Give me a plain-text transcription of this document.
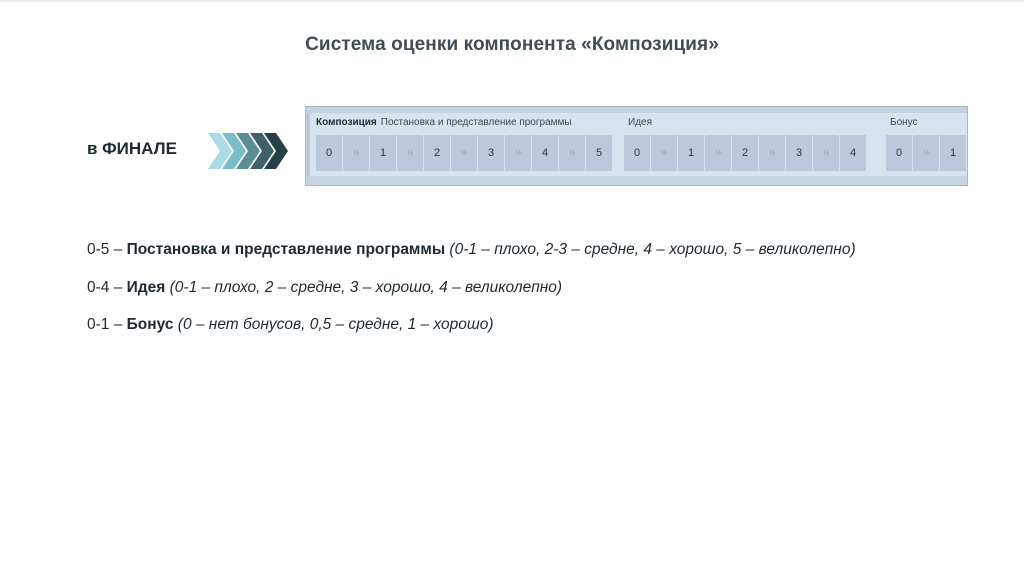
Система оценки компонента «Композиция»
в ФИНАЛЕ
Композиция Постановка и представление программы
0	½	1	½	2	½	3	½	4	½	5
Идея
0	½	1	½	2	½	3	½	4
Бонус
0	½	1
0-5 – Постановка и представление программы (0-1 – плохо, 2-3 – средне, 4 – хорошо, 5 – великолепно)
0-4 – Идея (0-1 – плохо, 2 – средне, 3 – хорошо, 4 – великолепно)
0-1 – Бонус (0 – нет бонусов, 0,5 – средне, 1 – хорошо)
